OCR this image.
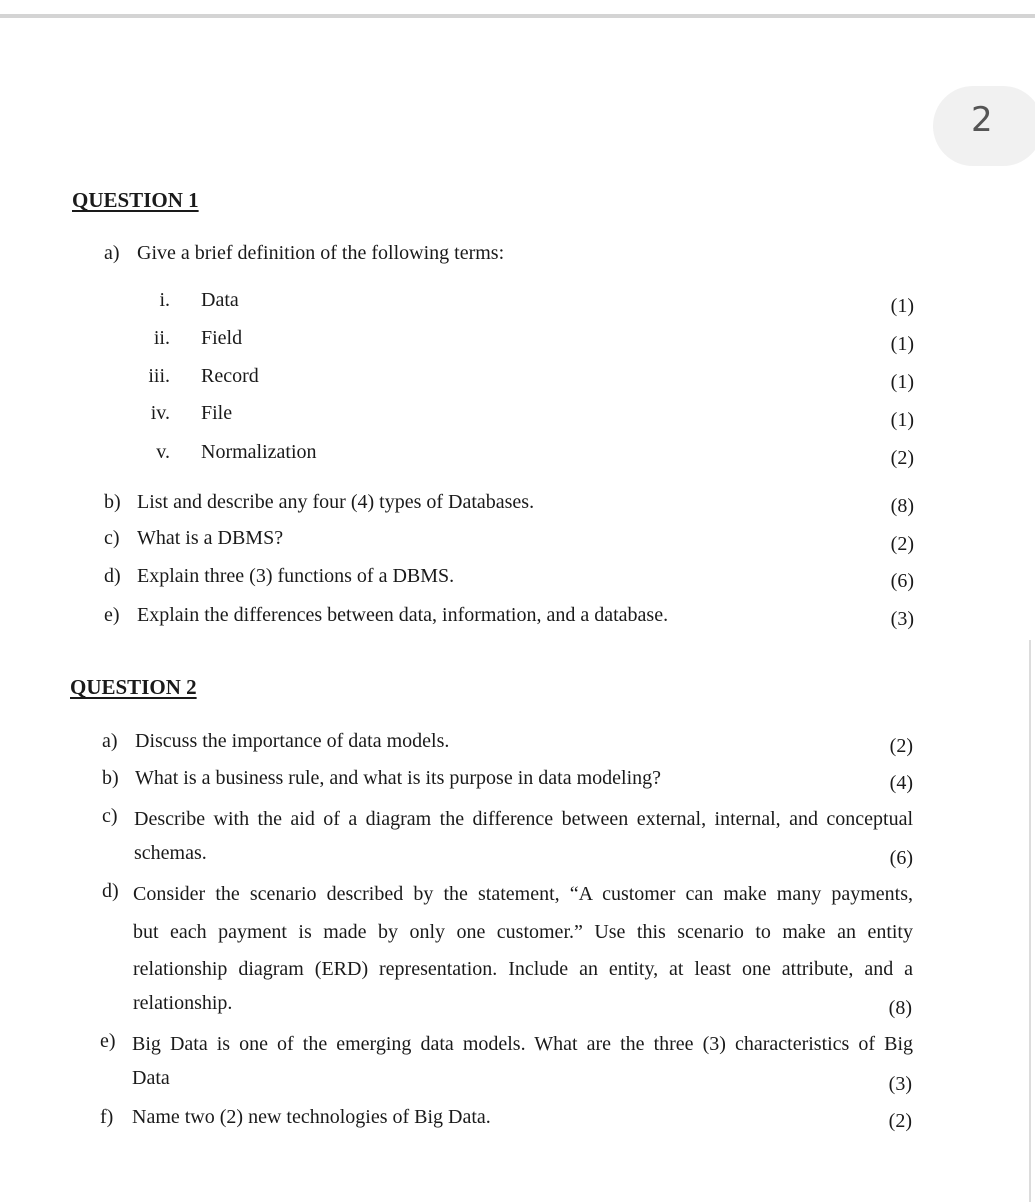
2
QUESTION 1
a) Give a brief definition of the following terms:
i. Data	(1)
ii. Field	(1)
iii. Record	(1)
iv. File	(1)
v. Normalization	(2)
b) List and describe any four (4) types of Databases.	(8)
c) What is a DBMS?	(2)
d) Explain three (3) functions of a DBMS.	(6)
e) Explain the differences between data, information, and a database.	(3)
QUESTION 2
a) Discuss the importance of data models.	(2)
b) What is a business rule, and what is its purpose in data modeling?	(4)
c) Describe with the aid of a diagram the difference between external, internal, and conceptual
schemas.	(6)
d) Consider the scenario described by the statement, “A customer can make many payments,
but each payment is made by only one customer.” Use this scenario to make an entity
relationship diagram (ERD) representation. Include an entity, at least one attribute, and a
relationship.	(8)
e) Big Data is one of the emerging data models. What are the three (3) characteristics of Big
Data	(3)
f) Name two (2) new technologies of Big Data.	(2)
